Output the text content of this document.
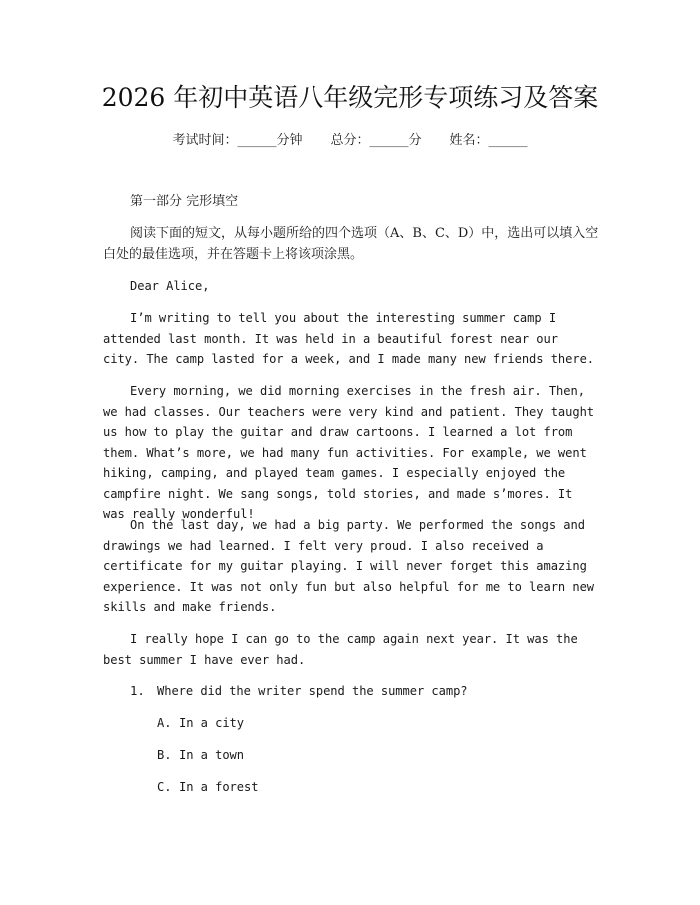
2026 年初中英语八年级完形专项练习及答案
考试时间：______分钟 总分：______分 姓名：______
第一部分 完形填空
阅读下面的短文，从每小题所给的四个选项（A、B、C、D）中，选出可以填入空白处的最佳选项，并在答题卡上将该项涂黑。
Dear Alice,
I’m writing to tell you about the interesting summer camp I attended last month. It was held in a beautiful forest near our city. The camp lasted for a week, and I made many new friends there.
Every morning, we did morning exercises in the fresh air. Then, we had classes. Our teachers were very kind and patient. They taught us how to play the guitar and draw cartoons. I learned a lot from them. What’s more, we had many fun activities. For example, we went hiking, camping, and played team games. I especially enjoyed the campfire night. We sang songs, told stories, and made s’mores. It was really wonderful!
On the last day, we had a big party. We performed the songs and drawings we had learned. I felt very proud. I also received a certificate for my guitar playing. I will never forget this amazing experience. It was not only fun but also helpful for me to learn new skills and make friends.
I really hope I can go to the camp again next year. It was the best summer I have ever had.
1. Where did the writer spend the summer camp?
A. In a city
B. In a town
C. In a forest
